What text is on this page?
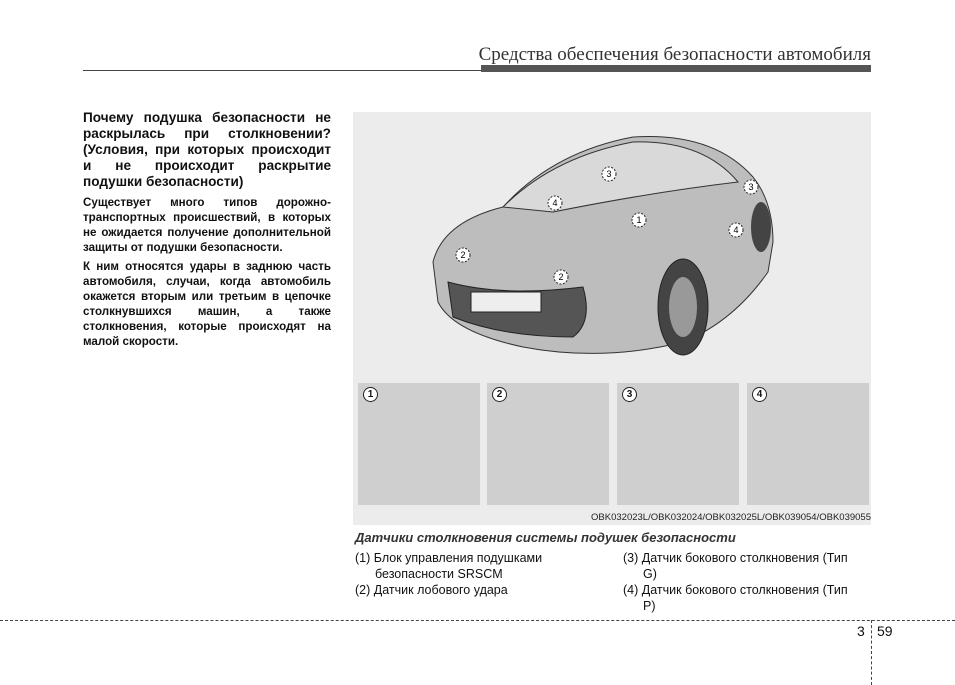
Средства обеспечения безопасности автомобиля
Почему подушка безопасности не раскрылась при столкновении? (Условия, при которых происходит и не происходит раскрытие подушки безопасности)

Существует много типов дорожно-транспортных происшествий, в которых не ожидается получение дополнительной защиты от подушки безопасности.

К ним относятся удары в заднюю часть автомобиля, случаи, когда автомобиль окажется вторым или третьим в цепочке столкнувшихся машин, а также столкновения, которые происходят на малой скорости.

1
2
2
3
3
4
4
1	2	3	4
OBK032023L/OBK032024/OBK032025L/OBK039054/OBK039055
Датчики столкновения системы подушек безопасности
(1) Блок управления подушками безопасности SRSCM
(2) Датчик лобового удара
(3) Датчик бокового столкновения (Тип G)
(4) Датчик бокового столкновения (Тип P)
3 59
